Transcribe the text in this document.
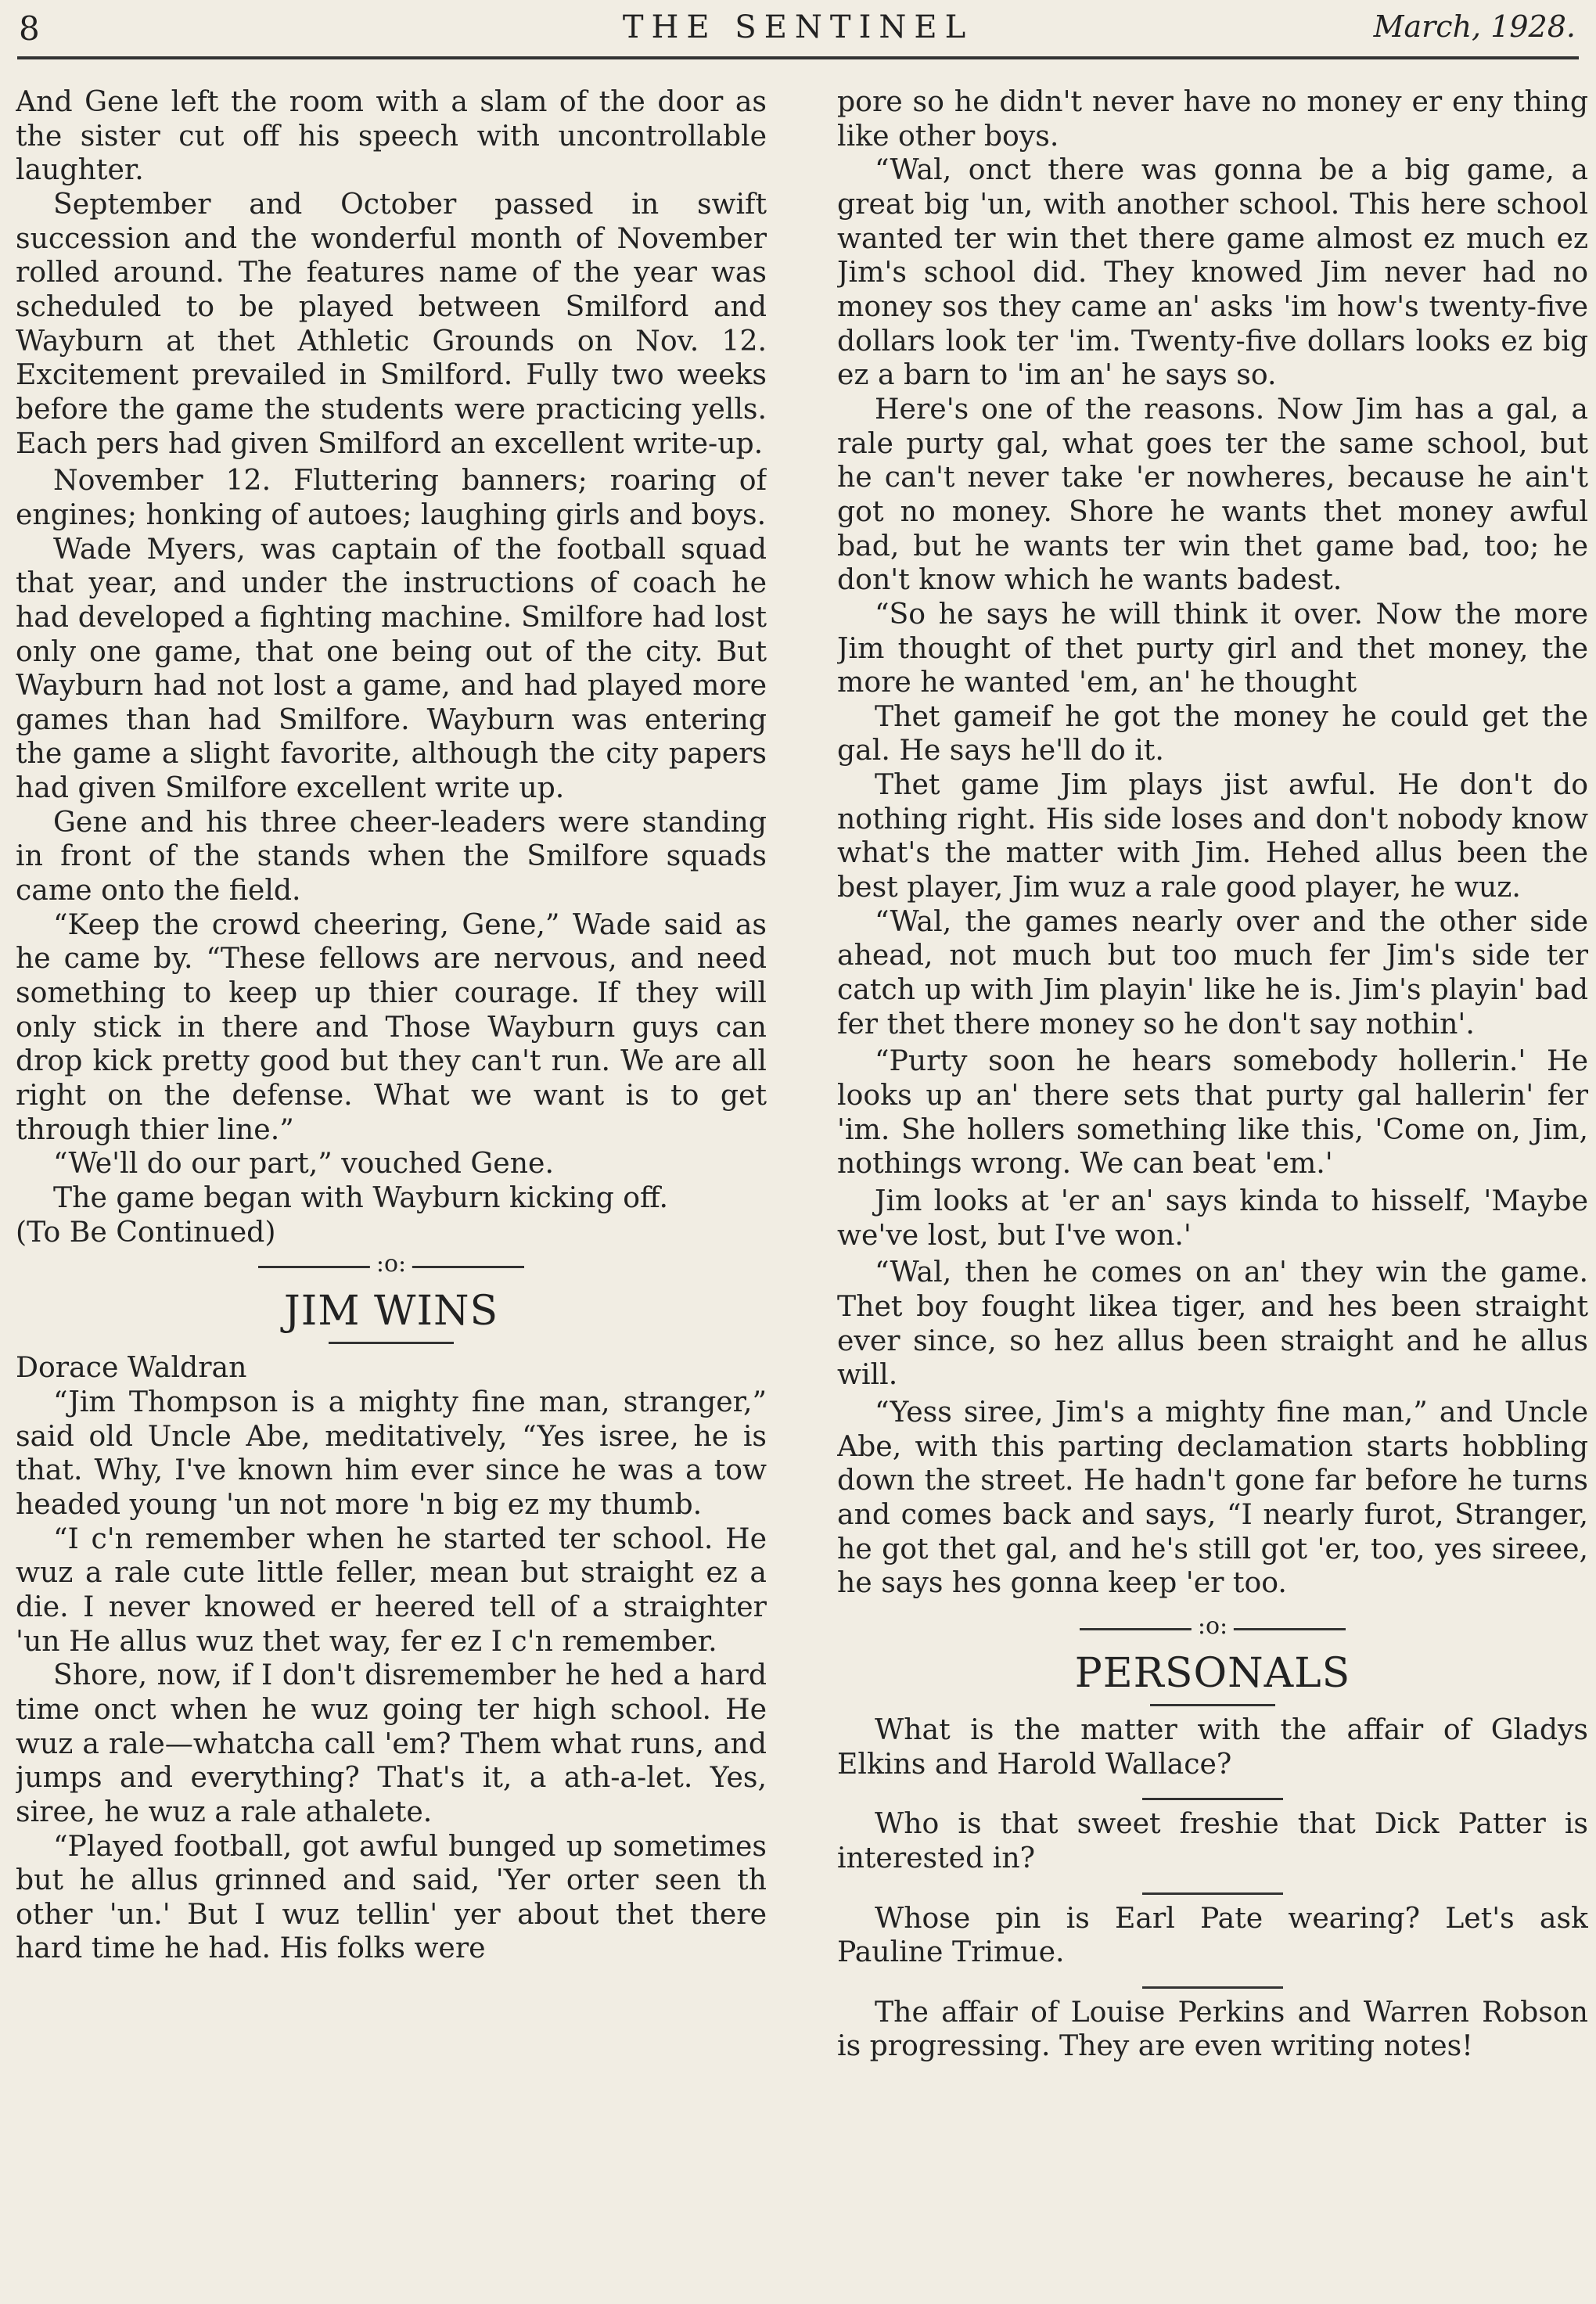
8	THE SENTINEL	March, 1928.

And Gene left the room with a slam of the door as the sister cut off his speech with uncontrollable laughter.

September and October passed in swift succession and the wonderful month of November rolled around. The features name of the year was scheduled to be played between Smilford and Wayburn at thet Athletic Grounds on Nov. 12. Excitement prevailed in Smilford. Fully two weeks before the game the students were practicing yells. Each pers had given Smilford an excellent write-up.

November 12. Fluttering banners; roaring of engines; honking of autoes; laughing girls and boys.

Wade Myers, was captain of the football squad that year, and under the instructions of coach he had developed a fighting machine. Smilfore had lost only one game, that one being out of the city. But Wayburn had not lost a game, and had played more games than had Smilfore. Wayburn was entering the game a slight favorite, although the city papers had given Smilfore excellent write up.

Gene and his three cheer-leaders were standing in front of the stands when the Smilfore squads came onto the field.

“Keep the crowd cheering, Gene,” Wade said as he came by. “These fellows are nervous, and need something to keep up thier courage. If they will only stick in there and Those Wayburn guys can drop kick pretty good but they can't run. We are all right on the defense. What we want is to get through thier line.”

“We'll do our part,” vouched Gene.

The game began with Wayburn kicking off.

(To Be Continued)

:o:
JIM WINS

Dorace Waldran

“Jim Thompson is a mighty fine man, stranger,” said old Uncle Abe, meditatively, “Yes isree, he is that. Why, I've known him ever since he was a tow headed young 'un not more 'n big ez my thumb.

“I c'n remember when he started ter school. He wuz a rale cute little feller, mean but straight ez a die. I never knowed er heered tell of a straighter 'un He allus wuz thet way, fer ez I c'n remember.

Shore, now, if I don't disremember he hed a hard time onct when he wuz going ter high school. He wuz a rale—whatcha call 'em? Them what runs, and jumps and everything? That's it, a ath-a-let. Yes, siree, he wuz a rale athalete.

“Played football, got awful bunged up sometimes but he allus grinned and said, 'Yer orter seen th other 'un.' But I wuz tellin' yer about thet there hard time he had. His folks were

pore so he didn't never have no money er eny thing like other boys.

“Wal, onct there was gonna be a big game, a great big 'un, with another school. This here school wanted ter win thet there game almost ez much ez Jim's school did. They knowed Jim never had no money sos they came an' asks 'im how's twenty-five dollars look ter 'im. Twenty-five dollars looks ez big ez a barn to 'im an' he says so.

Here's one of the reasons. Now Jim has a gal, a rale purty gal, what goes ter the same school, but he can't never take 'er nowheres, because he ain't got no money. Shore he wants thet money awful bad, but he wants ter win thet game bad, too; he don't know which he wants badest.

“So he says he will think it over. Now the more Jim thought of thet purty girl and thet money, the more he wanted 'em, an' he thought

Thet gameif he got the money he could get the gal. He says he'll do it.

Thet game Jim plays jist awful. He don't do nothing right. His side loses and don't nobody know what's the matter with Jim. Hehed allus been the best player, Jim wuz a rale good player, he wuz.

“Wal, the games nearly over and the other side ahead, not much but too much fer Jim's side ter catch up with Jim playin' like he is. Jim's playin' bad fer thet there money so he don't say nothin'.

“Purty soon he hears somebody hollerin.' He looks up an' there sets that purty gal hallerin' fer 'im. She hollers something like this, 'Come on, Jim, nothings wrong. We can beat 'em.'

Jim looks at 'er an' says kinda to hisself, 'Maybe we've lost, but I've won.'

“Wal, then he comes on an' they win the game. Thet boy fought likea tiger, and hes been straight ever since, so hez allus been straight and he allus will.

“Yess siree, Jim's a mighty fine man,” and Uncle Abe, with this parting declamation starts hobbling down the street. He hadn't gone far before he turns and comes back and says, “I nearly furot, Stranger, he got thet gal, and he's still got 'er, too, yes sireee, he says hes gonna keep 'er too.

:o:
PERSONALS

What is the matter with the affair of Gladys Elkins and Harold Wallace?

Who is that sweet freshie that Dick Patter is interested in?

Whose pin is Earl Pate wearing? Let's ask Pauline Trimue.

The affair of Louise Perkins and Warren Robson is progressing. They are even writing notes!
